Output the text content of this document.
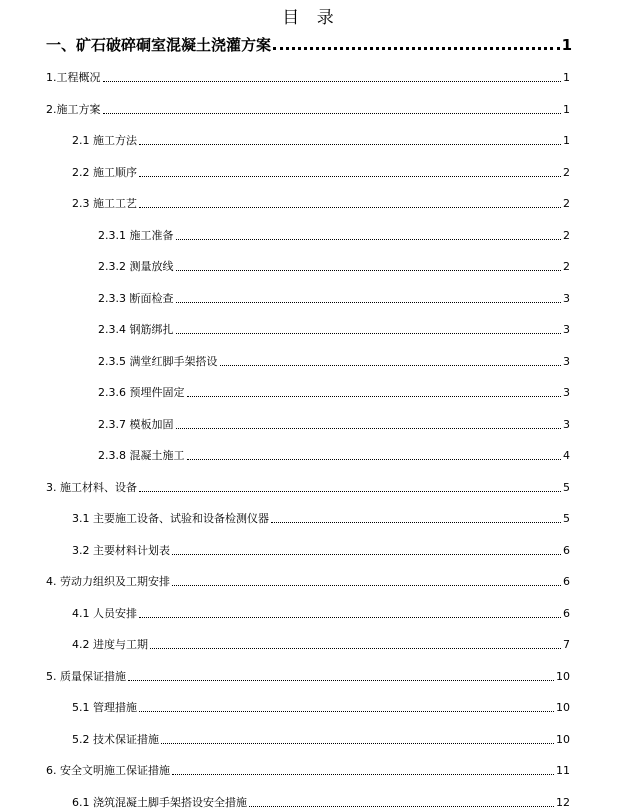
目 录
一、矿石破碎硐室混凝土浇灌方案	1
1.工程概况	1
2.施工方案	1
2.1 施工方法	1
2.2 施工顺序	2
2.3 施工工艺	2
2.3.1 施工准备	2
2.3.2 测量放线	2
2.3.3 断面检查	3
2.3.4 钢筋绑扎	3
2.3.5 满堂红脚手架搭设	3
2.3.6 预埋件固定	3
2.3.7 模板加固	3
2.3.8 混凝土施工	4
3. 施工材料、设备	5
3.1 主要施工设备、试验和设备检测仪器	5
3.2 主要材料计划表	6
4. 劳动力组织及工期安排	6
4.1 人员安排	6
4.2 进度与工期	7
5. 质量保证措施	10
5.1 管理措施	10
5.2 技术保证措施	10
6. 安全文明施工保证措施	11
6.1 浇筑混凝土脚手架搭设安全措施	12
